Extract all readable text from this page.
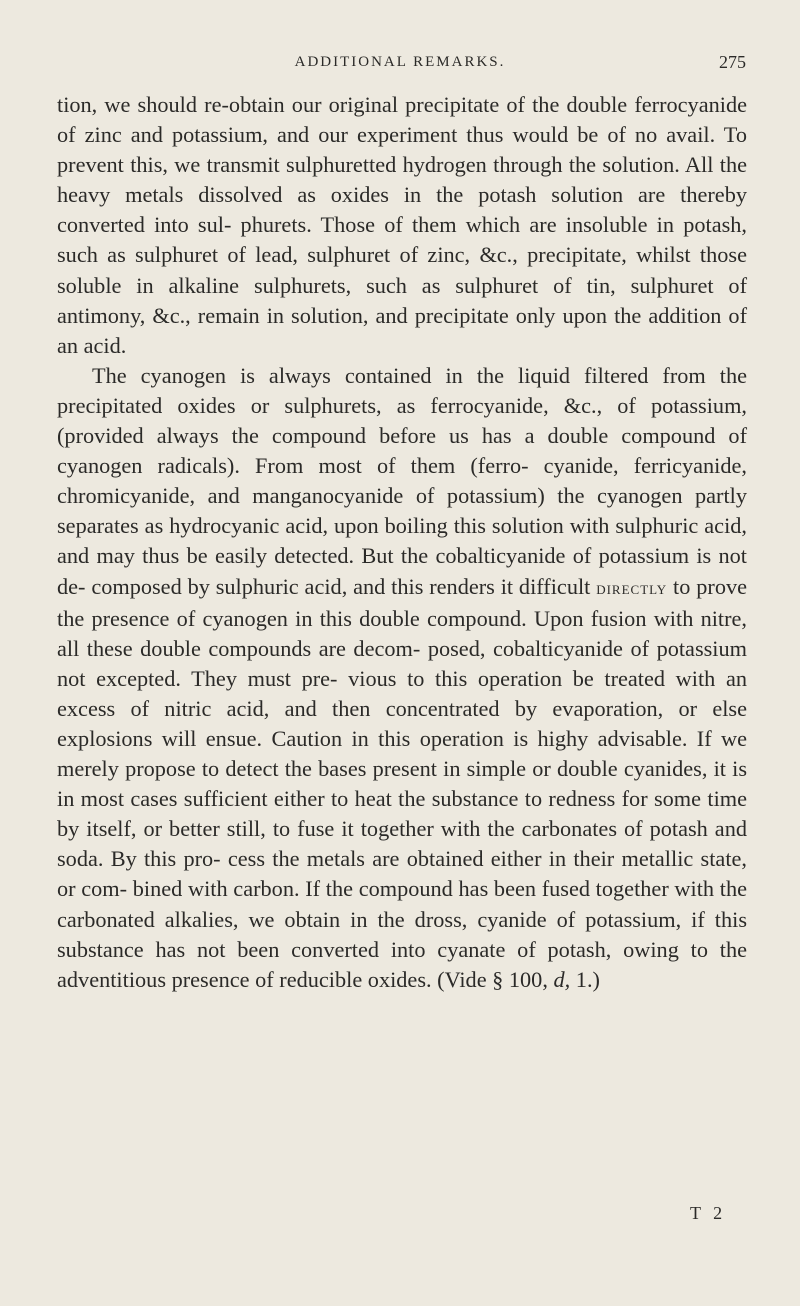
ADDITIONAL REMARKS.	275

tion, we should re-obtain our original precipitate of the double ferrocyanide of zinc and potassium, and our experiment thus would be of no avail. To prevent this, we transmit sulphuretted hydrogen through the solution. All the heavy metals dissolved as oxides in the potash solution are thereby converted into sul- phurets. Those of them which are insoluble in potash, such as sulphuret of lead, sulphuret of zinc, &c., precipitate, whilst those soluble in alkaline sulphurets, such as sulphuret of tin, sulphuret of antimony, &c., remain in solution, and precipitate only upon the addition of an acid.

The cyanogen is always contained in the liquid filtered from the precipitated oxides or sulphurets, as ferrocyanide, &c., of potassium, (provided always the compound before us has a double compound of cyanogen radicals). From most of them (ferro- cyanide, ferricyanide, chromicyanide, and manganocyanide of potassium) the cyanogen partly separates as hydrocyanic acid, upon boiling this solution with sulphuric acid, and may thus be easily detected. But the cobalticyanide of potassium is not de- composed by sulphuric acid, and this renders it difficult directly to prove the presence of cyanogen in this double compound. Upon fusion with nitre, all these double compounds are decom- posed, cobalticyanide of potassium not excepted. They must pre- vious to this operation be treated with an excess of nitric acid, and then concentrated by evaporation, or else explosions will ensue. Caution in this operation is highy advisable. If we merely propose to detect the bases present in simple or double cyanides, it is in most cases sufficient either to heat the substance to redness for some time by itself, or better still, to fuse it together with the carbonates of potash and soda. By this pro- cess the metals are obtained either in their metallic state, or com- bined with carbon. If the compound has been fused together with the carbonated alkalies, we obtain in the dross, cyanide of potassium, if this substance has not been converted into cyanate of potash, owing to the adventitious presence of reducible oxides. (Vide § 100, d, 1.)

T 2
